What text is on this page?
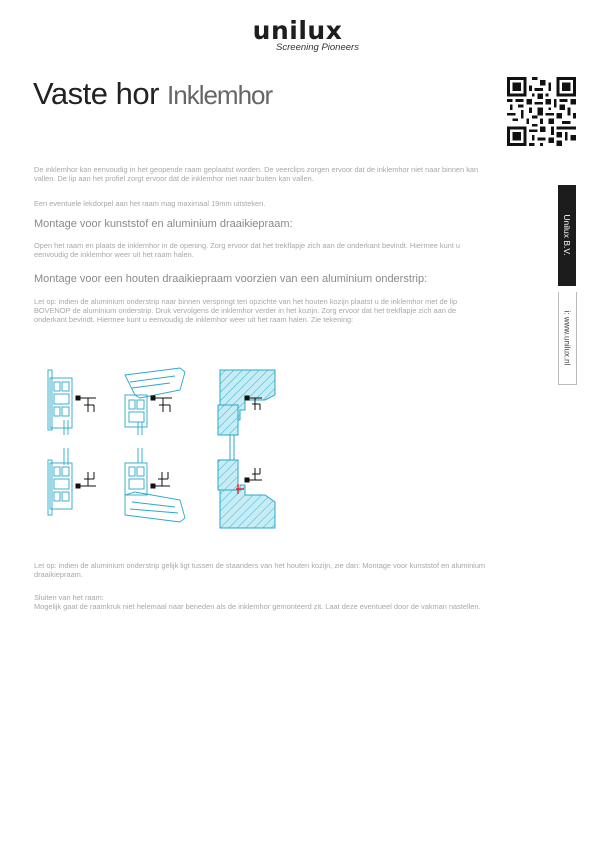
unilux
Screening Pioneers
Vaste hor Inklemhor
Unilux B.V.
i: www.unilux.nl

De inklemhor kan eenvoudig in het geopende raam geplaatst worden. De veerclips zorgen ervoor dat de inklemhor niet naar binnen kan vallen. De lip aan het profiel zorgt ervoor dat de inklemhor niet naar buiten kan vallen.

Een eventuele lekdorpel aan het raam mag maximaal 19mm uitsteken.

Montage voor kunststof en aluminium draaikiepraam:

Open het raam en plaats de inklemhor in de opening. Zorg ervoor dat het trekflapje zich aan de onderkant bevindt. Hiermee kunt u eenvoudig de inklemhor weer uit het raam halen.

Montage voor een houten draaikiepraam voorzien van een aluminium onderstrip:

Let op: indien de aluminium onderstrip naar binnen verspringt ten opzichte van het houten kozijn plaatst u de inklemhor met de lip BOVENOP de aluminium onderstrip. Druk vervolgens de inklemhor verder in het kozijn. Zorg ervoor dat het trekflapje zich aan de onderkant bevindt. Hiermee kunt u eenvoudig de inklemhor weer uit het raam halen. Zie tekening:

Let op: indien de aluminium onderstrip gelijk ligt tussen de staanders van het houten kozijn, zie dan: Montage voor kunststof en aluminium draaikiepraam.

Sluiten van het raam:

Mogelijk gaat de raamkruk niet helemaal naar beneden als de inklemhor gemonteerd zit. Laat deze eventueel door de vakman nastellen.
